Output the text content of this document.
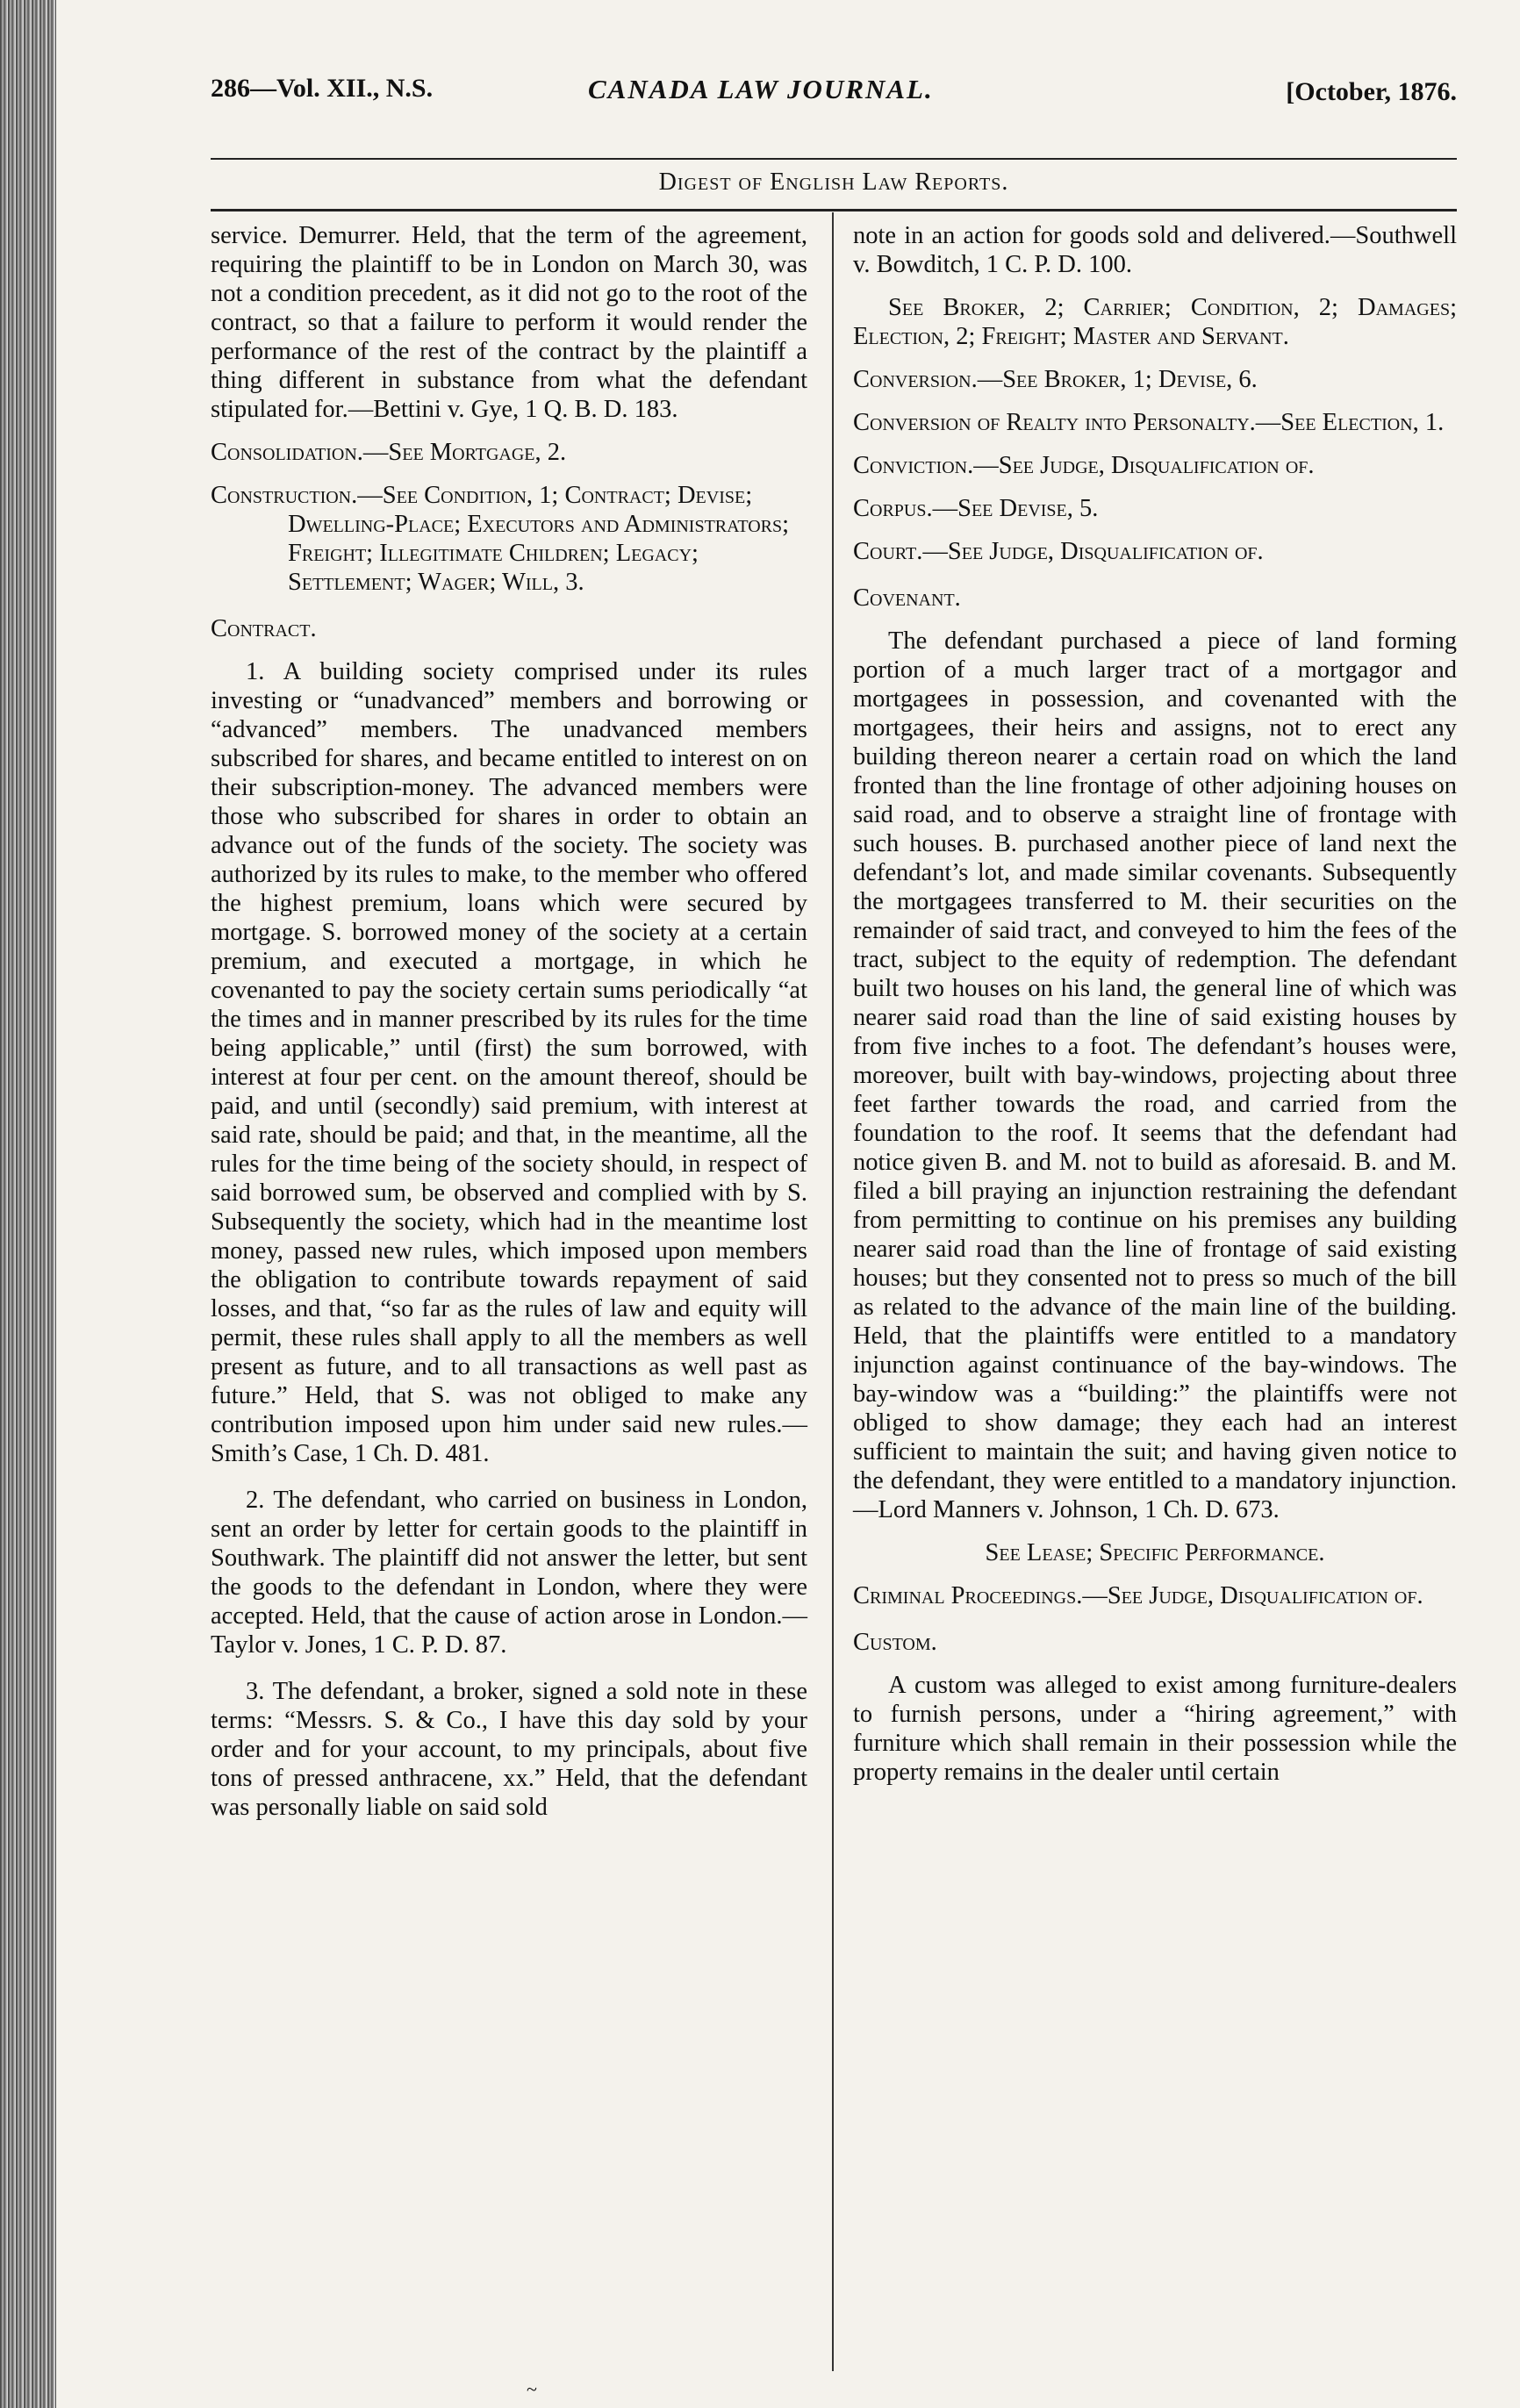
286—Vol. XII., N.S.	CANADA LAW JOURNAL.	[October, 1876.
Digest of English Law Reports.

service. Demurrer. Held, that the term of the agreement, requiring the plaintiff to be in London on March 30, was not a condition precedent, as it did not go to the root of the contract, so that a failure to perform it would render the performance of the rest of the contract by the plaintiff a thing different in substance from what the defendant stipulated for.—Bettini v. Gye, 1 Q. B. D. 183.

Consolidation.—See Mortgage, 2.

Construction.—See Condition, 1; Contract; Devise; Dwelling-Place; Executors and Administrators; Freight; Illegitimate Children; Legacy; Settlement; Wager; Will, 3.

Contract.

1. A building society comprised under its rules investing or “unadvanced” members and borrowing or “advanced” members. The unadvanced members subscribed for shares, and became entitled to interest on on their subscription-money. The advanced members were those who subscribed for shares in order to obtain an advance out of the funds of the society. The society was authorized by its rules to make, to the member who offered the highest premium, loans which were secured by mortgage. S. borrowed money of the society at a certain premium, and executed a mortgage, in which he covenanted to pay the society certain sums periodically “at the times and in manner prescribed by its rules for the time being applicable,” until (first) the sum borrowed, with interest at four per cent. on the amount thereof, should be paid, and until (secondly) said premium, with interest at said rate, should be paid; and that, in the meantime, all the rules for the time being of the society should, in respect of said borrowed sum, be observed and complied with by S. Subsequently the society, which had in the meantime lost money, passed new rules, which imposed upon members the obligation to contribute towards repayment of said losses, and that, “so far as the rules of law and equity will permit, these rules shall apply to all the members as well present as future, and to all transactions as well past as future.” Held, that S. was not obliged to make any contribution imposed upon him under said new rules.—Smith’s Case, 1 Ch. D. 481.

2. The defendant, who carried on business in London, sent an order by letter for certain goods to the plaintiff in Southwark. The plaintiff did not answer the letter, but sent the goods to the defendant in London, where they were accepted. Held, that the cause of action arose in London.—Taylor v. Jones, 1 C. P. D. 87.

3. The defendant, a broker, signed a sold note in these terms: “Messrs. S. & Co., I have this day sold by your order and for your account, to my principals, about five tons of pressed anthracene, xx.” Held, that the defendant was personally liable on said sold

note in an action for goods sold and delivered.—Southwell v. Bowditch, 1 C. P. D. 100.

See Broker, 2; Carrier; Condition, 2; Damages; Election, 2; Freight; Master and Servant.

Conversion.—See Broker, 1; Devise, 6.

Conversion of Realty into Personalty.—See Election, 1.

Conviction.—See Judge, Disqualification of.

Corpus.—See Devise, 5.

Court.—See Judge, Disqualification of.

Covenant.

The defendant purchased a piece of land forming portion of a much larger tract of a mortgagor and mortgagees in possession, and covenanted with the mortgagees, their heirs and assigns, not to erect any building thereon nearer a certain road on which the land fronted than the line frontage of other adjoining houses on said road, and to observe a straight line of frontage with such houses. B. purchased another piece of land next the defendant’s lot, and made similar covenants. Subsequently the mortgagees transferred to M. their securities on the remainder of said tract, and conveyed to him the fees of the tract, subject to the equity of redemption. The defendant built two houses on his land, the general line of which was nearer said road than the line of said existing houses by from five inches to a foot. The defendant’s houses were, moreover, built with bay-windows, projecting about three feet farther towards the road, and carried from the foundation to the roof. It seems that the defendant had notice given B. and M. not to build as aforesaid. B. and M. filed a bill praying an injunction restraining the defendant from permitting to continue on his premises any building nearer said road than the line of frontage of said existing houses; but they consented not to press so much of the bill as related to the advance of the main line of the building. Held, that the plaintiffs were entitled to a mandatory injunction against continuance of the bay-windows. The bay-window was a “building:” the plaintiffs were not obliged to show damage; they each had an interest sufficient to maintain the suit; and having given notice to the defendant, they were entitled to a mandatory injunction.—Lord Manners v. Johnson, 1 Ch. D. 673.

See Lease; Specific Performance.

Criminal Proceedings.—See Judge, Disqualification of.

Custom.

A custom was alleged to exist among furniture-dealers to furnish persons, under a “hiring agreement,” with furniture which shall remain in their possession while the property remains in the dealer until certain

~
